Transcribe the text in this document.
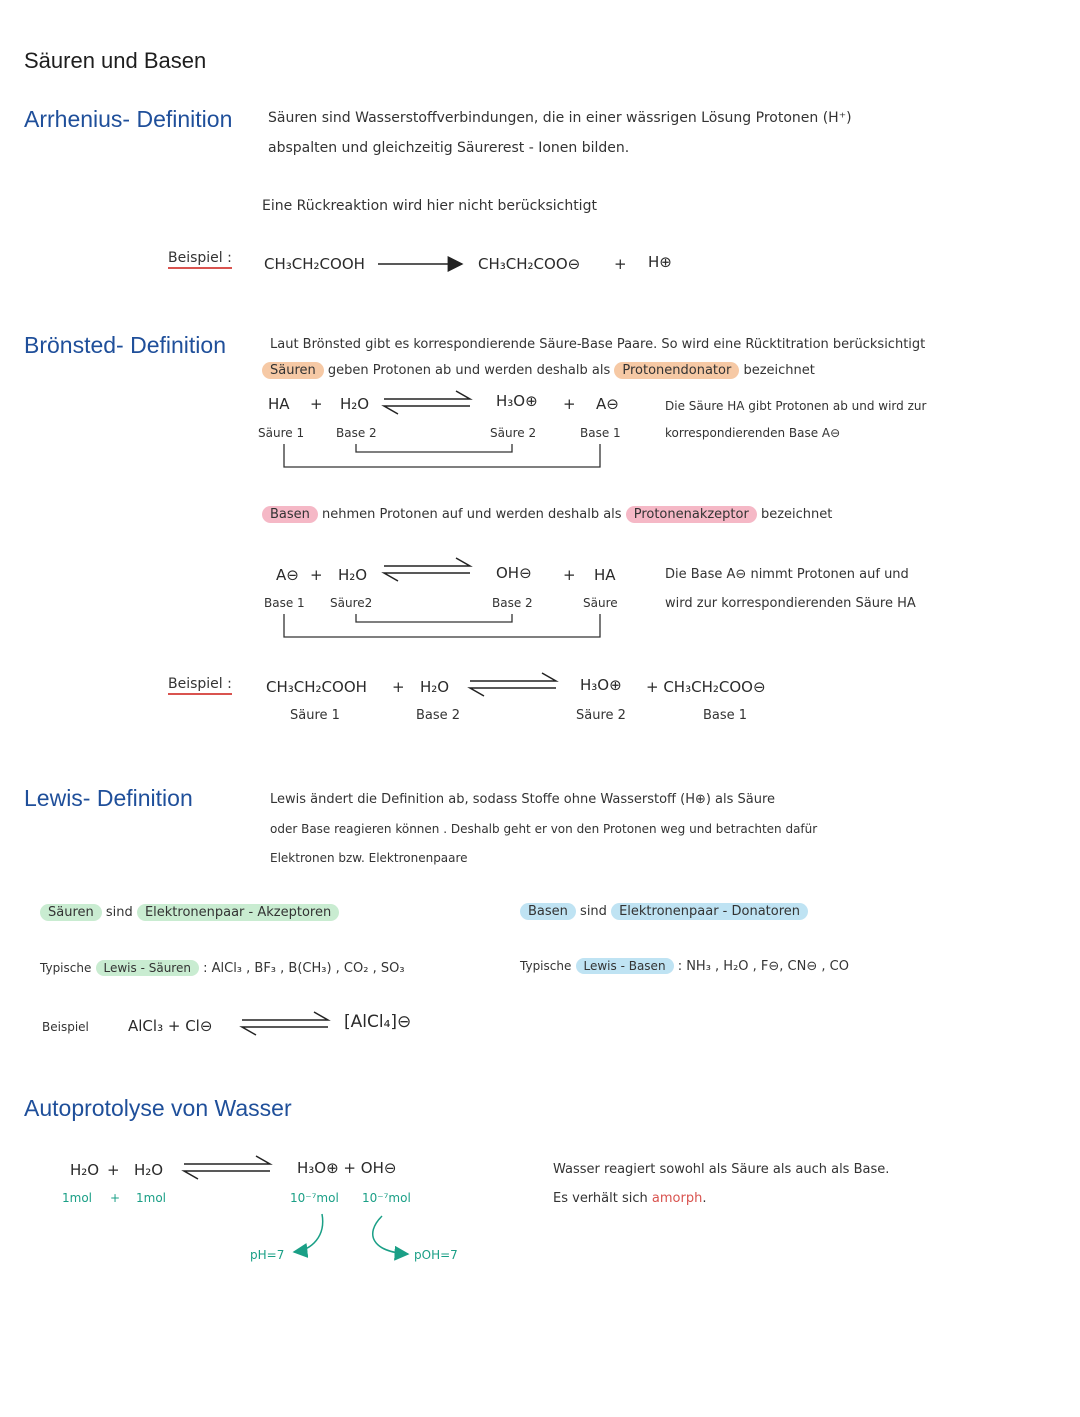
Säuren und Basen
Arrhenius- Definition	Säuren sind Wasserstoffverbindungen, die in einer wässrigen Lösung Protonen (H⁺)
abspalten und gleichzeitig Säurerest - Ionen bilden.
Eine Rückreaktion wird hier nicht berücksichtigt
Beispiel : CH₃CH₂COOH	CH₃CH₂COO⊖ + H⊕
Brönsted- Definition	Laut Brönsted gibt es korrespondierende Säure-Base Paare. So wird eine Rücktitration berücksichtigt
Säuren geben Protonen ab und werden deshalb als Protonendonator bezeichnet
HA + H₂O	H₃O⊕ + A⊖
Säure 1	Base 2	Säure 2	Base 1
Die Säure HA gibt Protonen ab und wird zur
korrespondierenden Base A⊖
Basen nehmen Protonen auf und werden deshalb als Protonenakzeptor bezeichnet
A⊖ + H₂O	OH⊖ + HA
Base 1 Säure2	Base 2	Säure
Die Base A⊖ nimmt Protonen auf und
wird zur korrespondierenden Säure HA
Beispiel : CH₃CH₂COOH + H₂O	H₃O⊕ + CH₃CH₂COO⊖
Säure 1	Base 2	Säure 2	Base 1
Lewis- Definition	Lewis ändert die Definition ab, sodass Stoffe ohne Wasserstoff (H⊕) als Säure
oder Base reagieren können . Deshalb geht er von den Protonen weg und betrachten dafür
Elektronen bzw. Elektronenpaare
Säuren sind Elektronenpaar - Akzeptoren	Basen sind Elektronenpaar - Donatoren
Typische Lewis - Säuren : AlCl₃ , BF₃ , B(CH₃) , CO₂ , SO₃	Typische Lewis - Basen : NH₃ , H₂O , F⊖, CN⊖ , CO
Beispiel	AlCl₃ + Cl⊖	[AlCl₄]⊖
Autoprotolyse von Wasser
H₂O + H₂O	H₃O⊕ + OH⊖
1mol + 1mol	10⁻⁷mol 10⁻⁷mol
pH=7	pOH=7
Wasser reagiert sowohl als Säure als auch als Base.
Es verhält sich amorph.
